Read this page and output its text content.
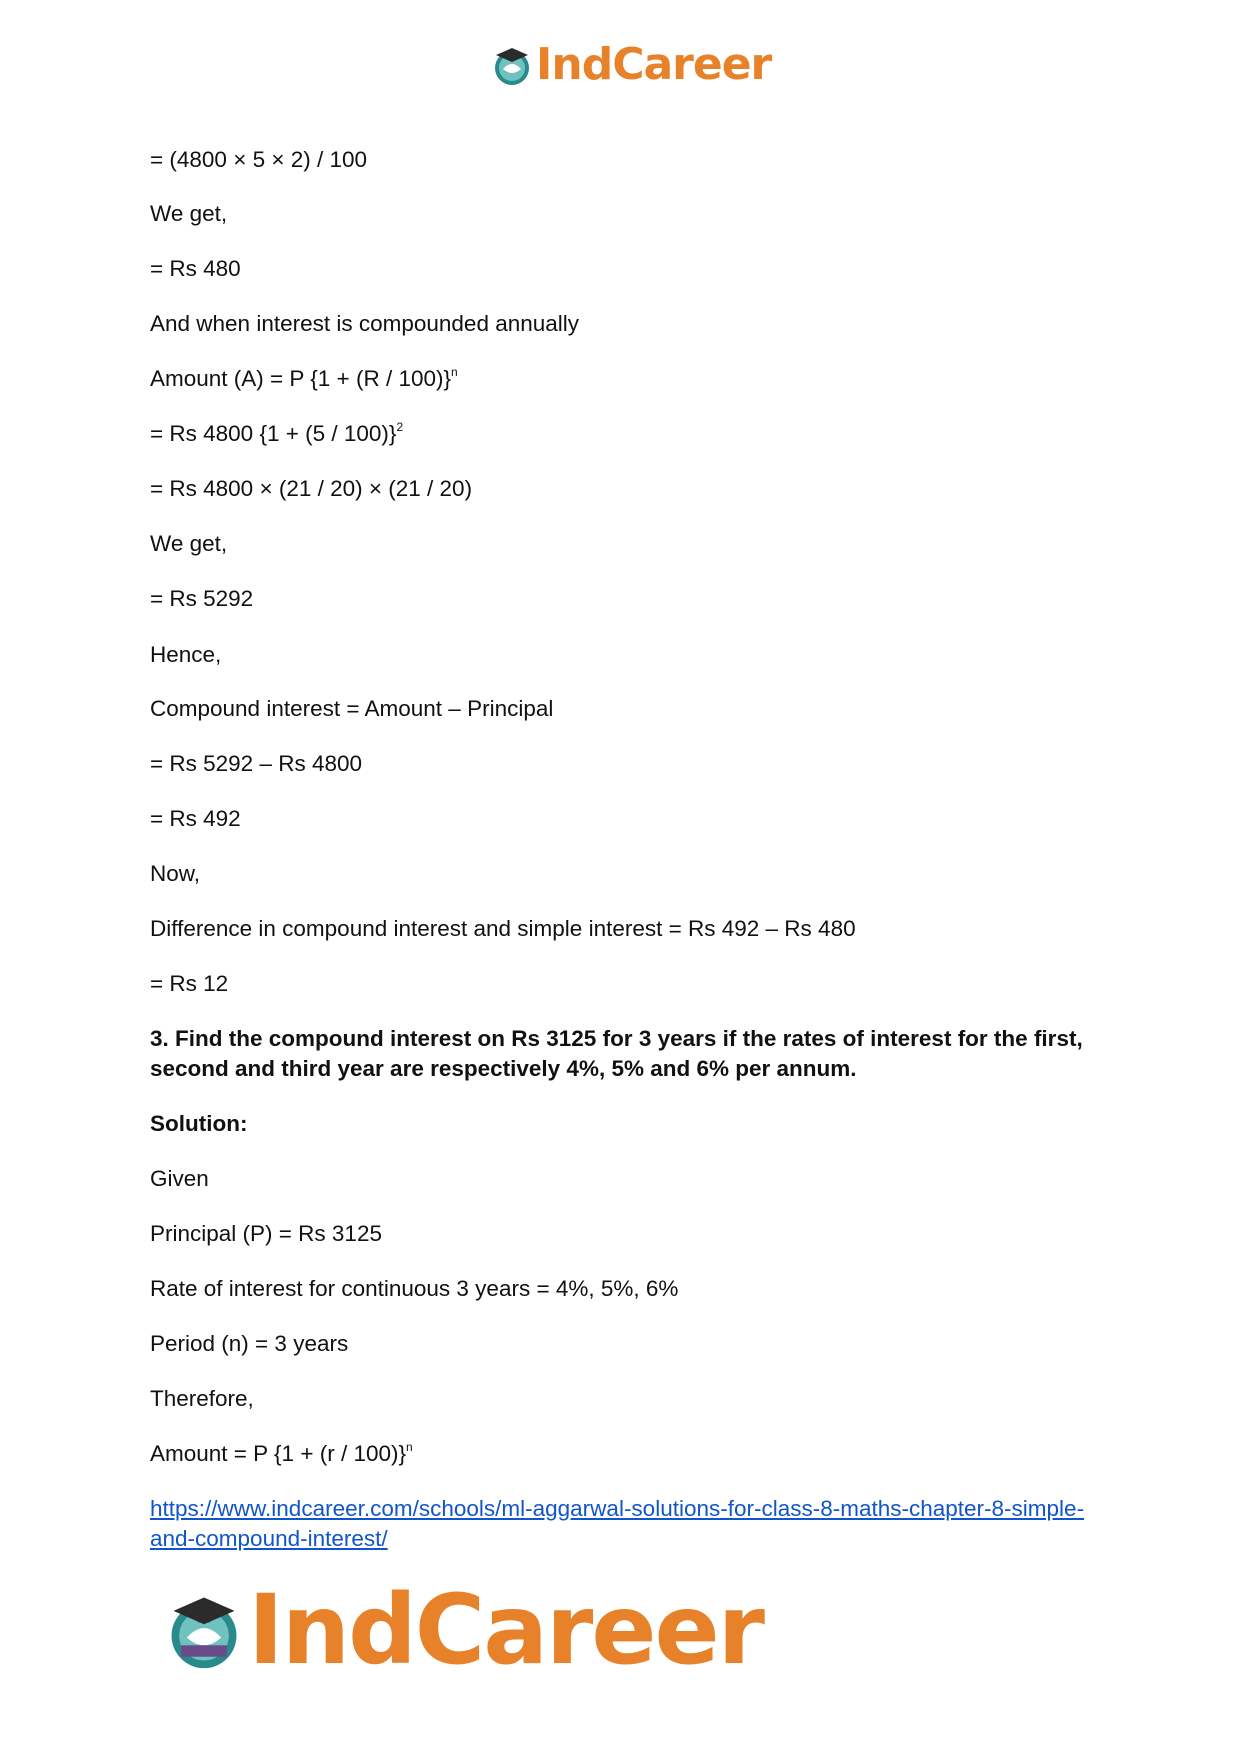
IndCareer
= (4800 × 5 × 2) / 100
We get,
= Rs 480
And when interest is compounded annually
Amount (A) = P $\{1 + (R / 100)\}^n$
= Rs 4800 $\{1 + (5 / 100)\}^2$
= Rs 4800 × (21 / 20) × (21 / 20)
We get,
= Rs 5292
Hence,
Compound interest = Amount – Principal
= Rs 5292 – Rs 4800
= Rs 492
Now,
Difference in compound interest and simple interest = Rs 492 – Rs 480
= Rs 12
3. Find the compound interest on Rs 3125 for 3 years if the rates of interest for the first, second and third year are respectively 4%, 5% and 6% per annum.
Solution:
Given
Principal (P) = Rs 3125
Rate of interest for continuous 3 years = 4%, 5%, 6%
Period (n) = 3 years
Therefore,
Amount = P $\{1 + (r / 100)\}^n$
https://www.indcareer.com/schools/ml-aggarwal-solutions-for-class-8-maths-chapter-8-simple-and-compound-interest/
IndCareer
